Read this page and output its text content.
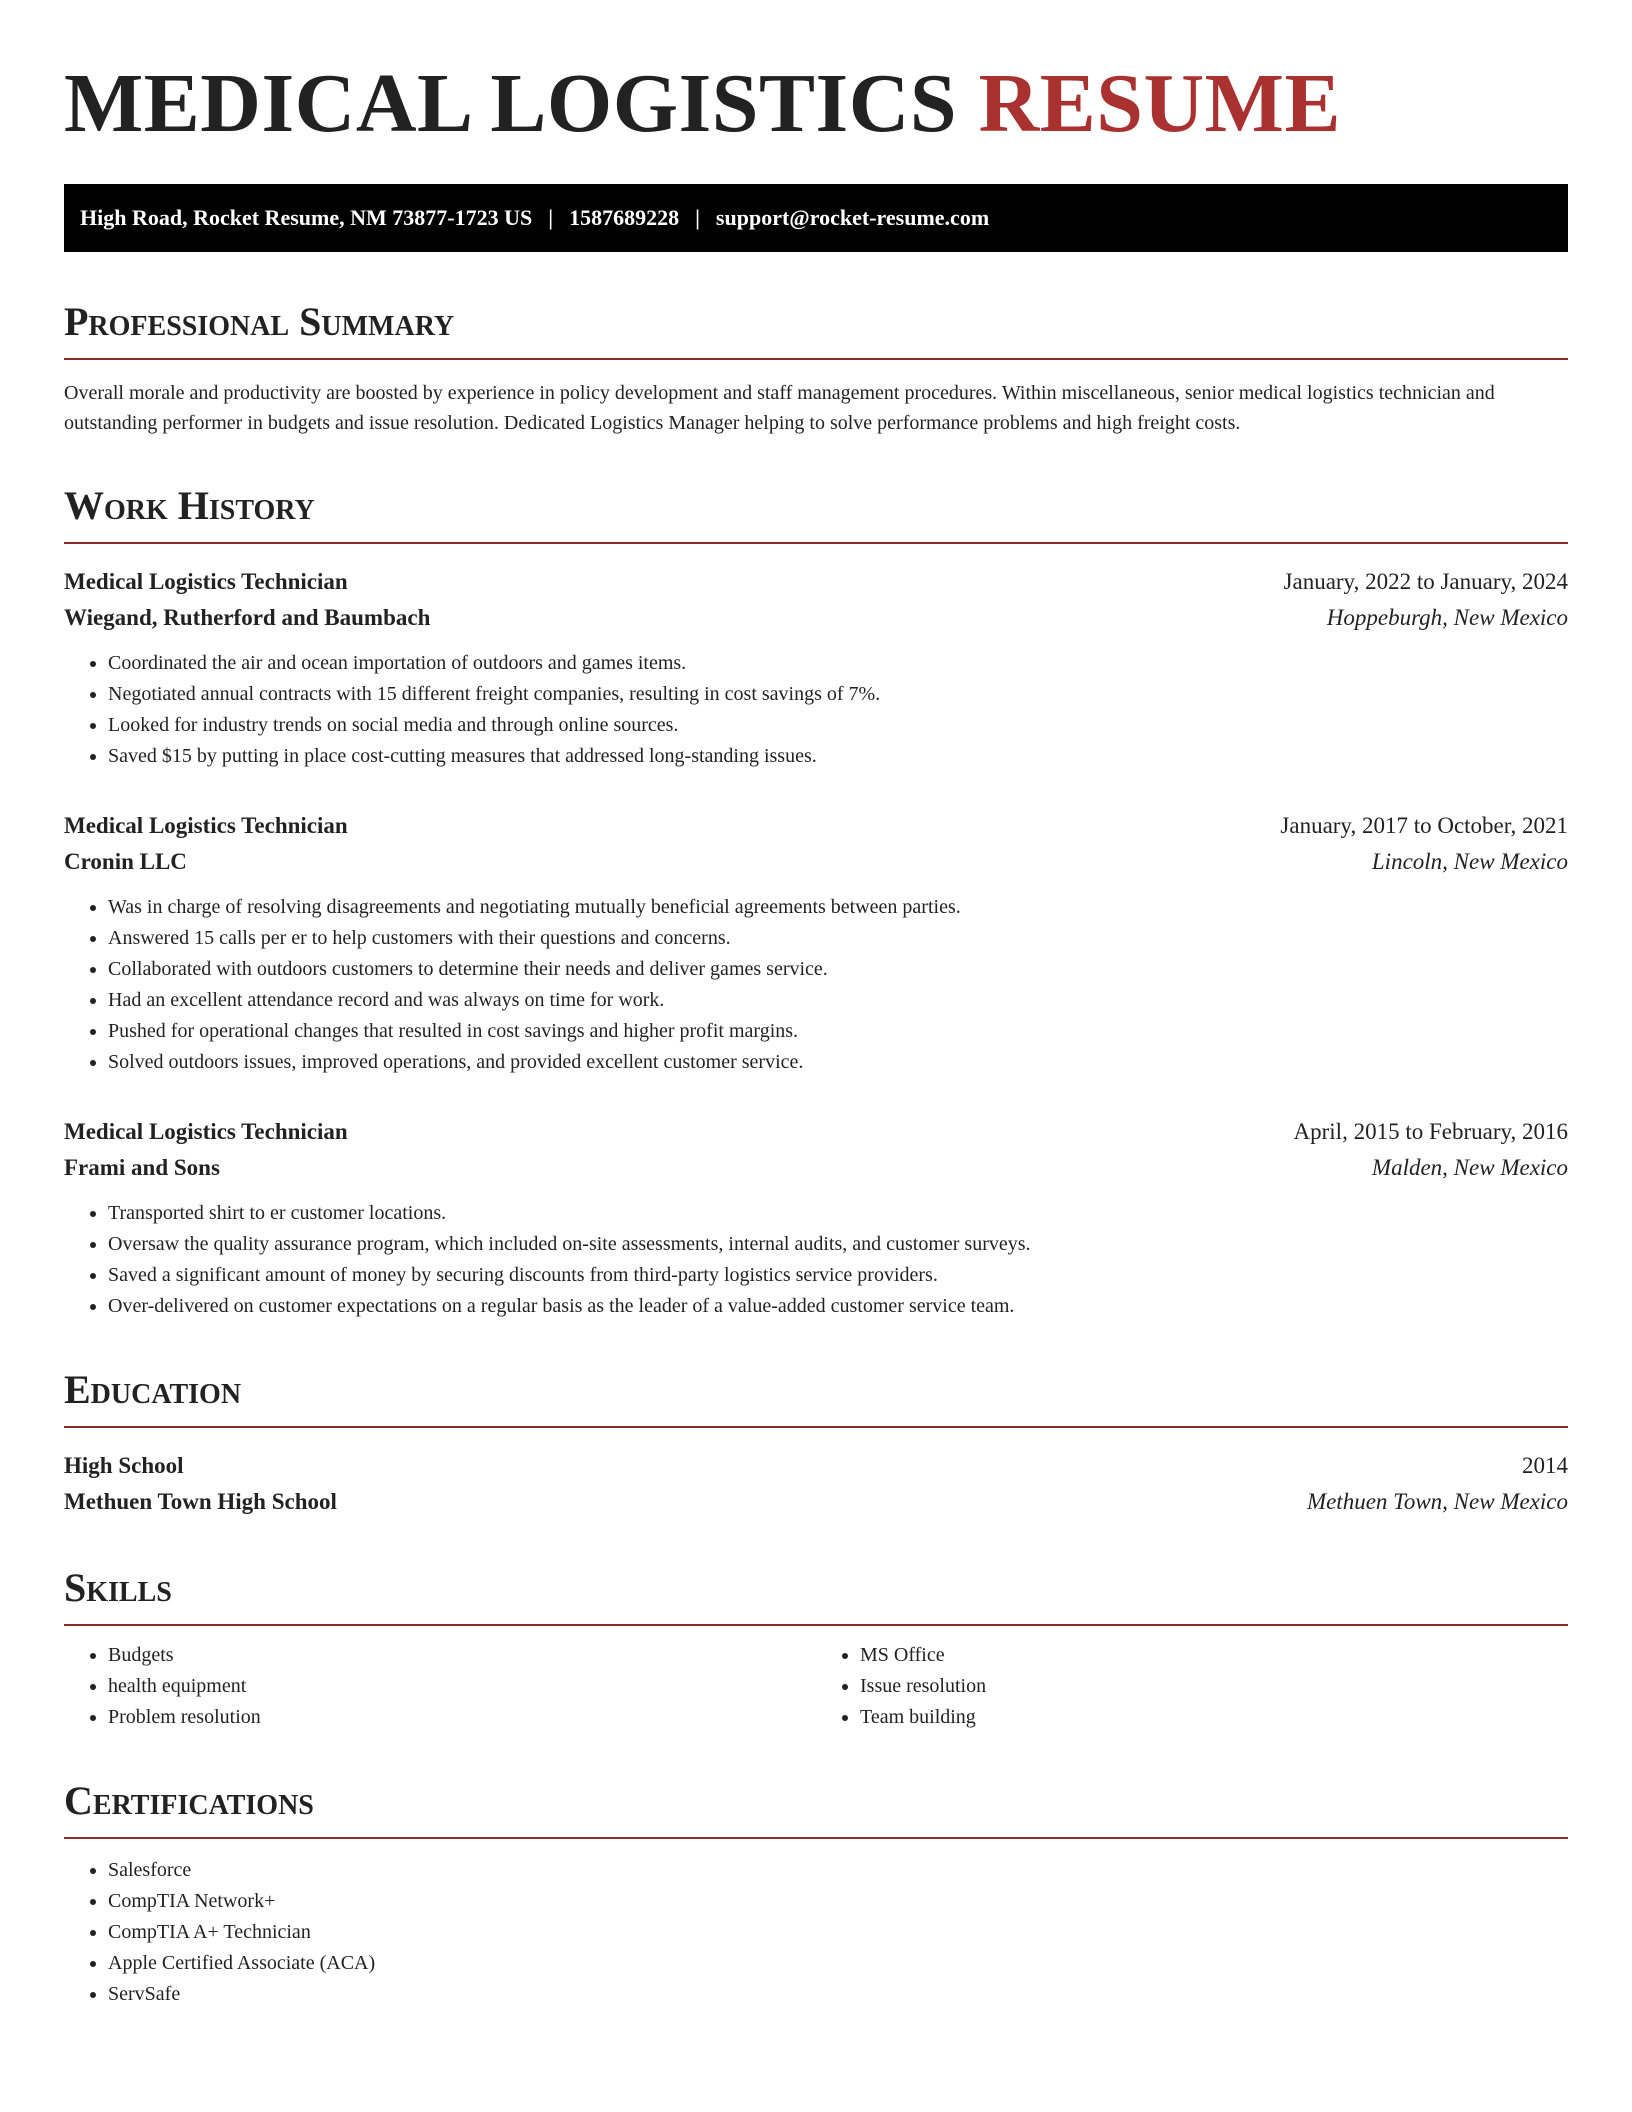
MEDICAL LOGISTICS RESUME
High Road, Rocket Resume, NM 73877-1723 US | 1587689228 | support@rocket-resume.com
Professional Summary

Overall morale and productivity are boosted by experience in policy development and staff management procedures. Within miscellaneous, senior medical logistics technician and outstanding performer in budgets and issue resolution. Dedicated Logistics Manager helping to solve performance problems and high freight costs.

Work History
Medical Logistics Technician	January, 2022 to January, 2024
Wiegand, Rutherford and Baumbach	Hoppeburgh, New Mexico
• Coordinated the air and ocean importation of outdoors and games items.
• Negotiated annual contracts with 15 different freight companies, resulting in cost savings of 7%.
• Looked for industry trends on social media and through online sources.
• Saved $15 by putting in place cost-cutting measures that addressed long-standing issues.
Medical Logistics Technician	January, 2017 to October, 2021
Cronin LLC	Lincoln, New Mexico
• Was in charge of resolving disagreements and negotiating mutually beneficial agreements between parties.
• Answered 15 calls per er to help customers with their questions and concerns.
• Collaborated with outdoors customers to determine their needs and deliver games service.
• Had an excellent attendance record and was always on time for work.
• Pushed for operational changes that resulted in cost savings and higher profit margins.
• Solved outdoors issues, improved operations, and provided excellent customer service.
Medical Logistics Technician	April, 2015 to February, 2016
Frami and Sons	Malden, New Mexico
• Transported shirt to er customer locations.
• Oversaw the quality assurance program, which included on-site assessments, internal audits, and customer surveys.
• Saved a significant amount of money by securing discounts from third-party logistics service providers.
• Over-delivered on customer expectations on a regular basis as the leader of a value-added customer service team.
Education
High School	2014
Methuen Town High School	Methuen Town, New Mexico
Skills
• Budgets
• health equipment
• Problem resolution
• MS Office
• Issue resolution
• Team building
Certifications
• Salesforce
• CompTIA Network+
• CompTIA A+ Technician
• Apple Certified Associate (ACA)
• ServSafe
